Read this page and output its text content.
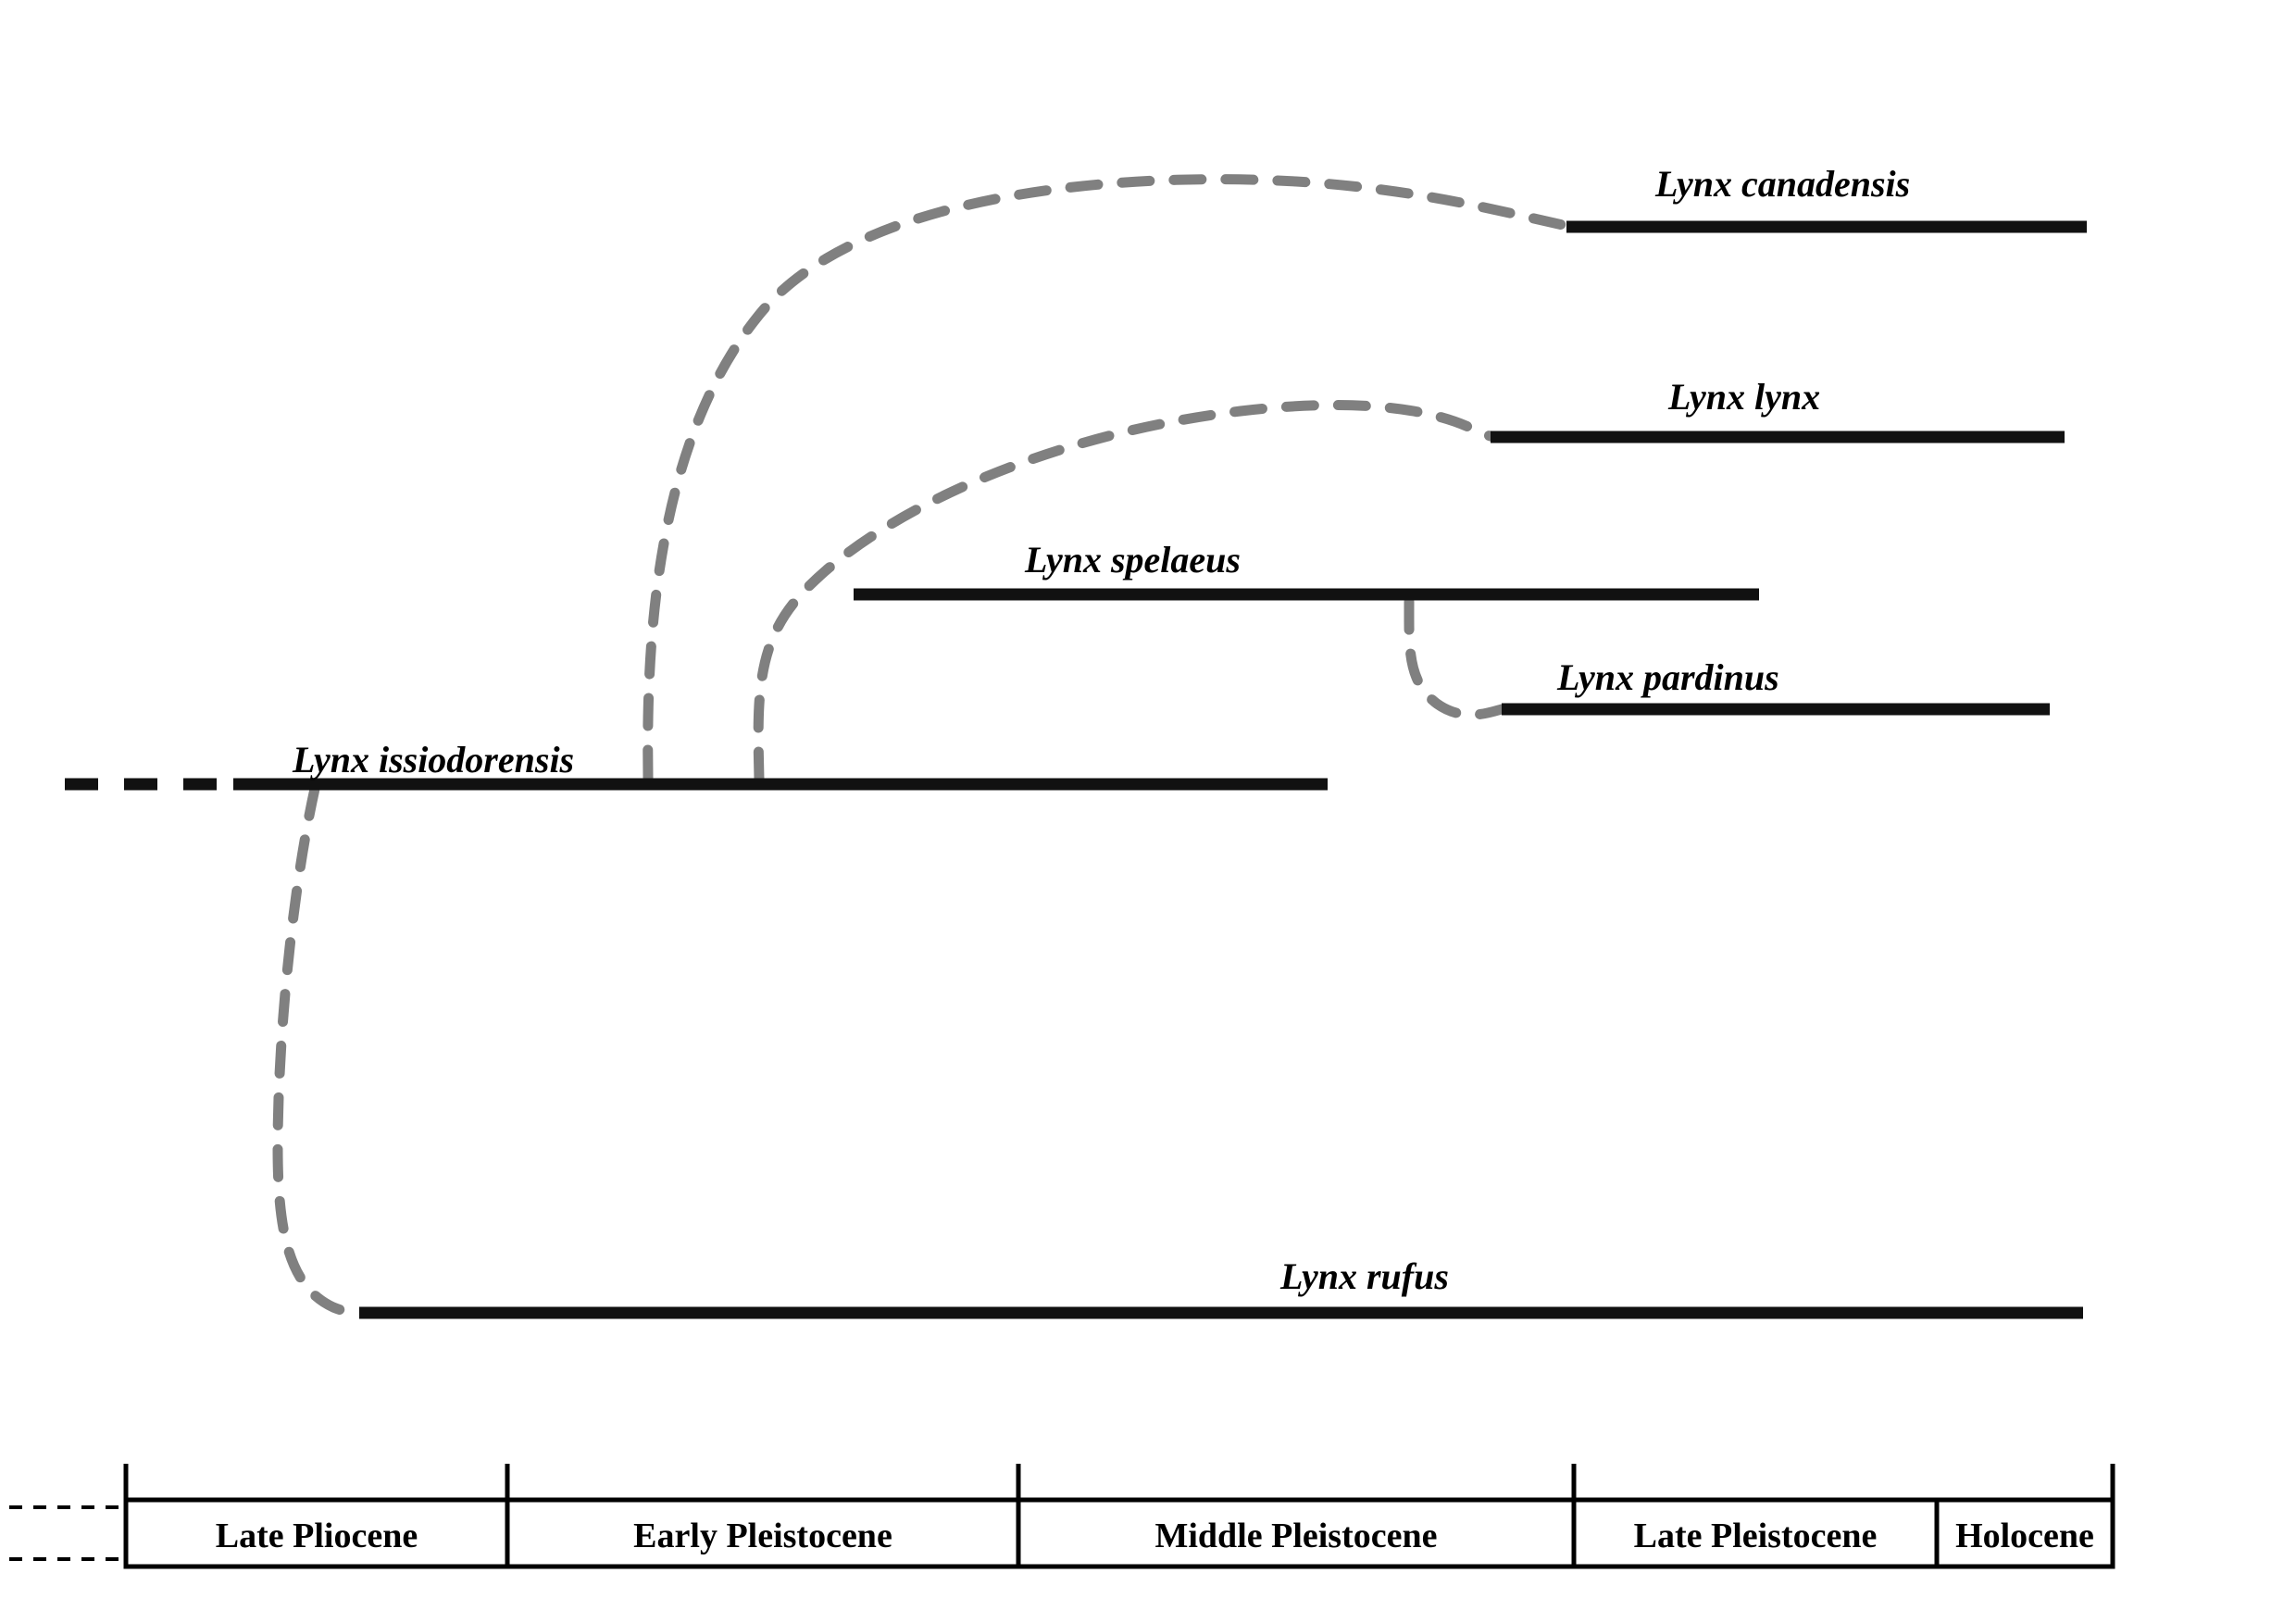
Lynx canadensis
Lynx lynx
Lynx spelaeus
Lynx pardinus
Lynx issiodorensis
Lynx rufus
Late Pliocene	Early Pleistocene	Middle Pleistocene	Late Pleistocene	Holocene
